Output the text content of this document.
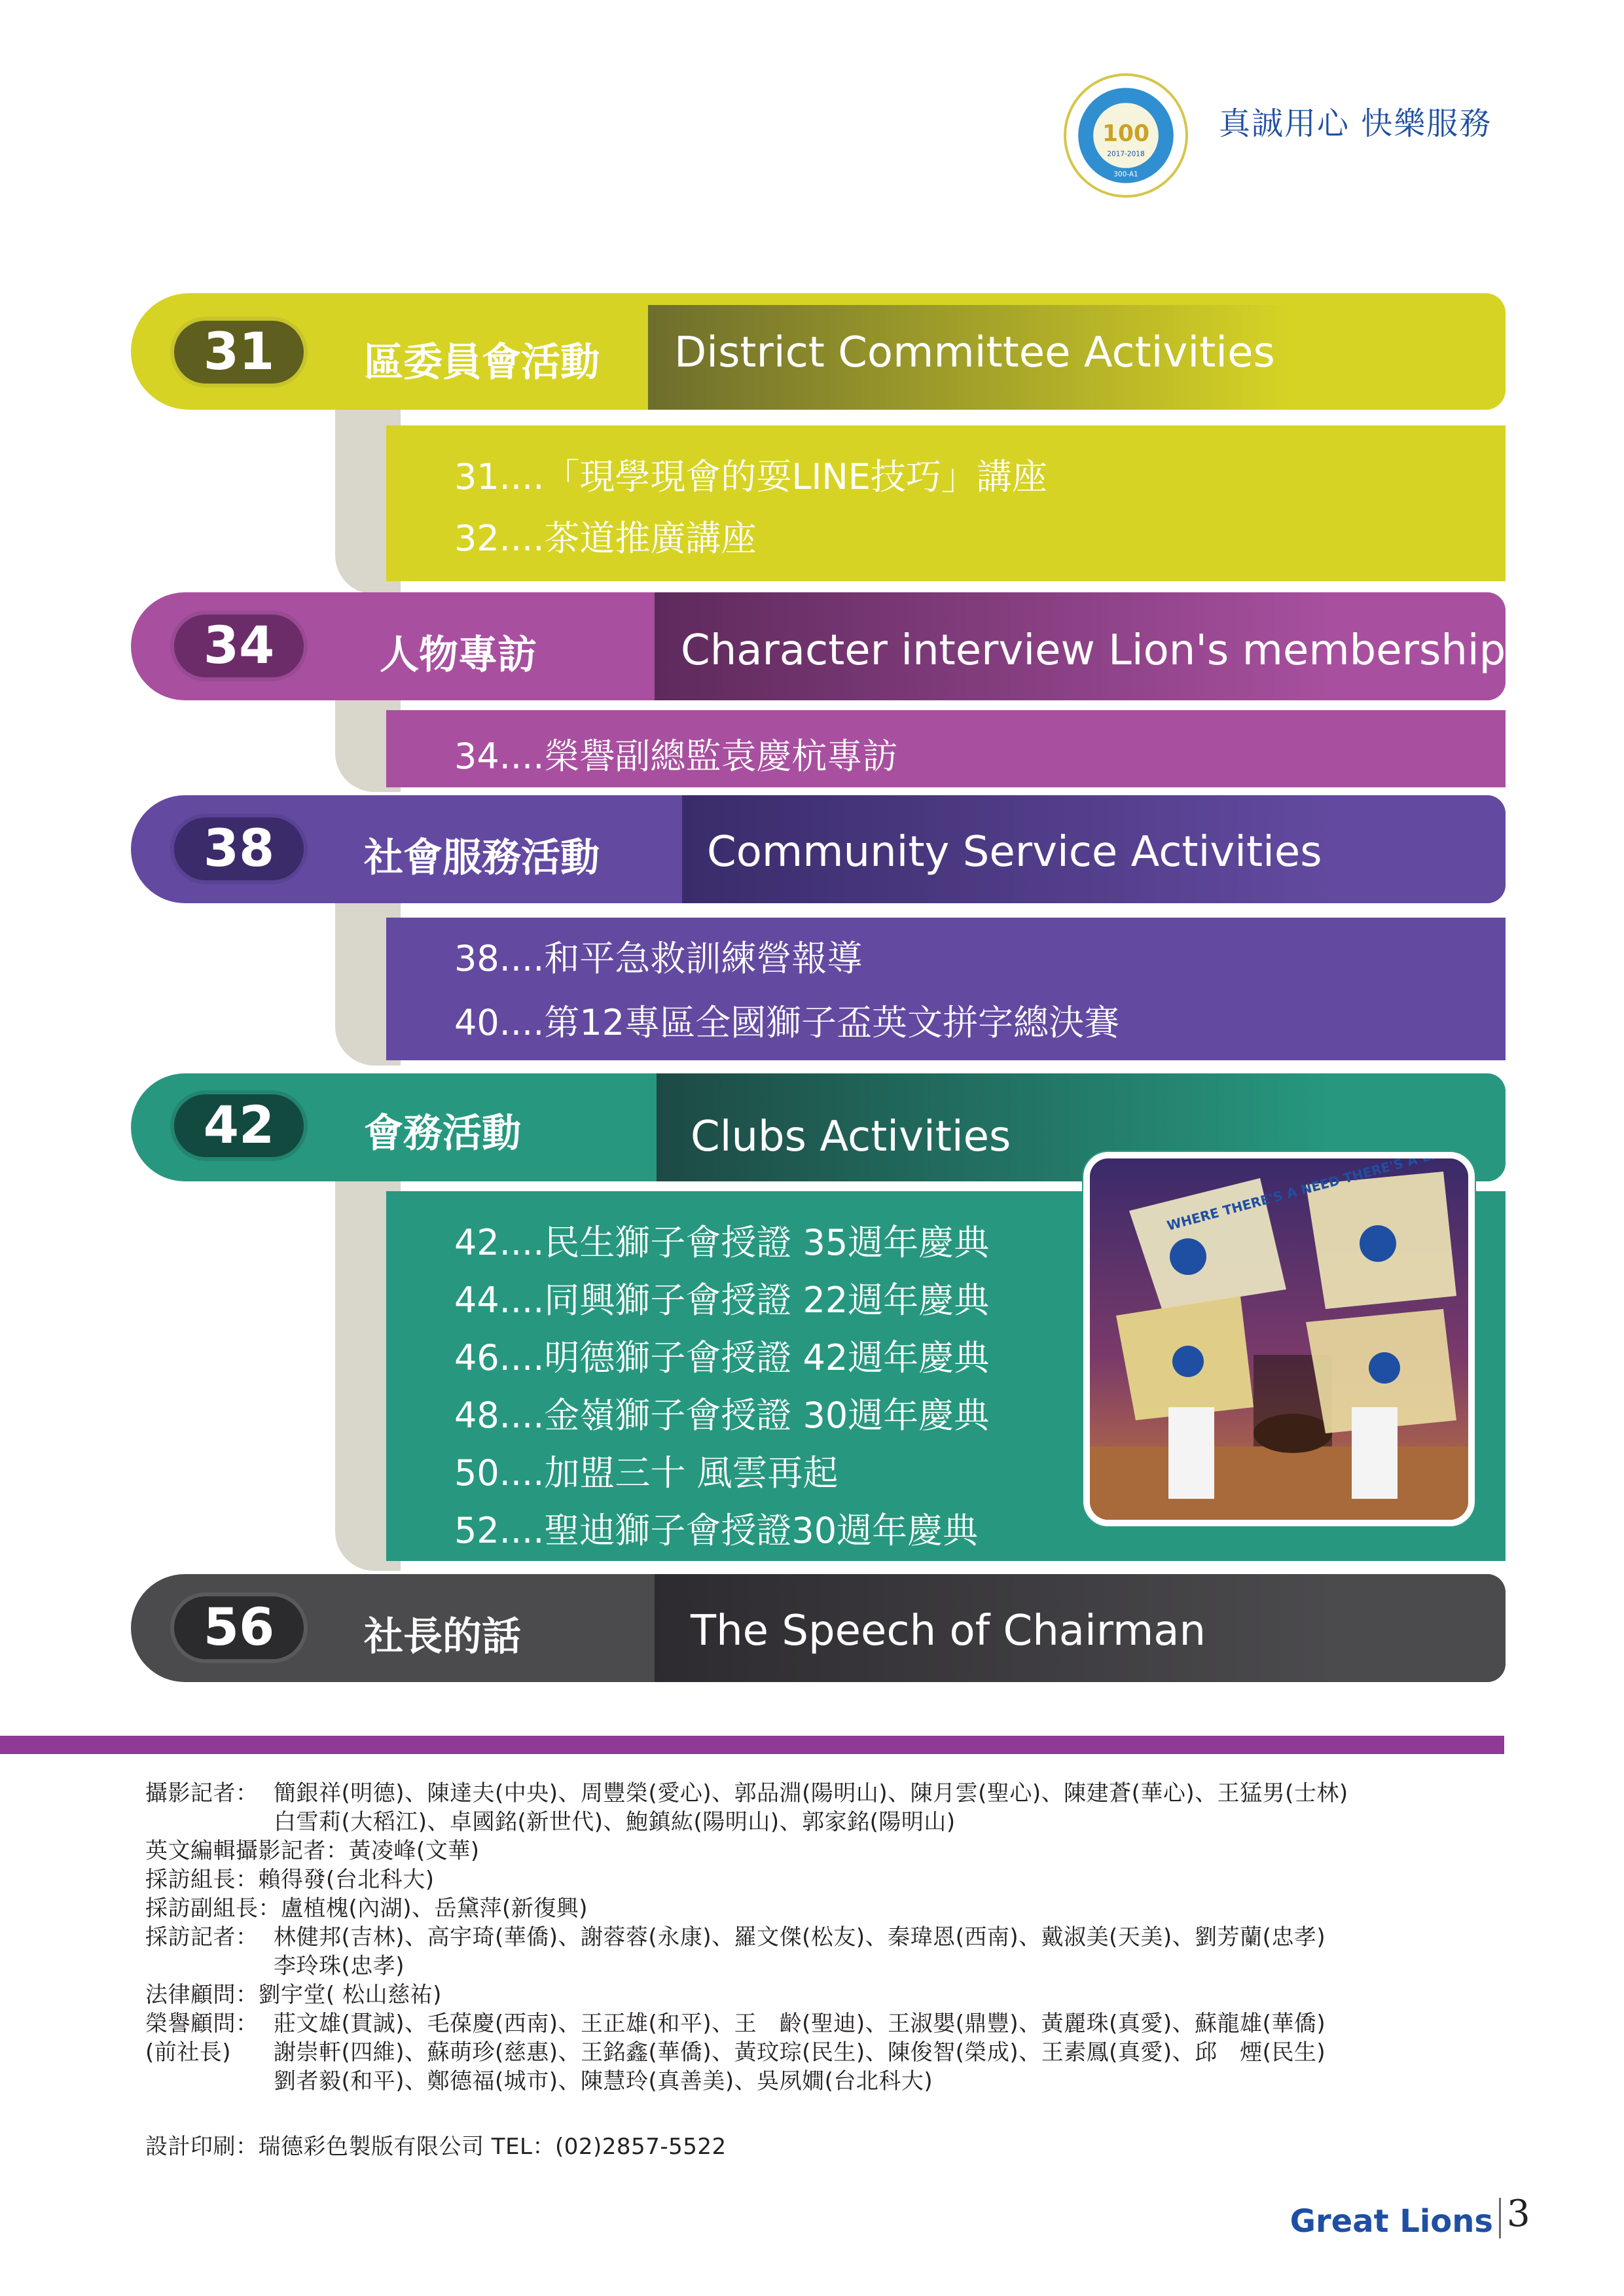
100
2017-2018
300-A1
真誠用心 快樂服務
31 區委員會活動 District Committee Activities
31....「現學現會的耍LINE技巧」講座
32....茶道推廣講座
34	人物專訪	Character interview Lion's membership
34....榮譽副總監袁慶杭專訪
38 社會服務活動	Community Service Activities
38....和平急救訓練營報導
40....第12專區全國獅子盃英文拼字總決賽
42 會務活動	Clubs Activities
42....民生獅子會授證 35週年慶典
44....同興獅子會授證 22週年慶典
46....明德獅子會授證 42週年慶典
48....金嶺獅子會授證 30週年慶典
50....加盟三十 風雲再起
52....聖迪獅子會授證30週年慶典
WHERE THERE'S A NEED THERE'S A
56 社長的話	The Speech of Chairman
攝影記者： 簡銀祥(明德)、陳達夫(中央)、周豐榮(愛心)、郭品淵(陽明山)、陳月雲(聖心)、陳建蒼(華心)、王猛男(士林)
白雪莉(大稻江)、卓國銘(新世代)、鮑鎮紘(陽明山)、郭家銘(陽明山)
英文編輯攝影記者：黃凌峰(文華)
採訪組長：賴得發(台北科大)
採訪副組長：盧植槐(內湖)、岳黛萍(新復興)
採訪記者： 林健邦(吉林)、高宇琦(華僑)、謝蓉蓉(永康)、羅文傑(松友)、秦瑋恩(西南)、戴淑美(天美)、劉芳蘭(忠孝)
李玲珠(忠孝)
法律顧問：劉宇堂( 松山慈祐)
榮譽顧問： 莊文雄(貫誠)、毛葆慶(西南)、王正雄(和平)、王　齡(聖迪)、王淑嬰(鼎豐)、黃麗珠(真愛)、蘇龍雄(華僑)
(前社長) 謝崇軒(四維)、蘇萌珍(慈惠)、王銘鑫(華僑)、黃玟琮(民生)、陳俊智(榮成)、王素鳳(真愛)、邱　煙(民生)
劉者毅(和平)、鄭德福(城市)、陳慧玲(真善美)、吳夙嫺(台北科大)
設計印刷：瑞德彩色製版有限公司 TEL：(02)2857-5522
Great Lions 3
